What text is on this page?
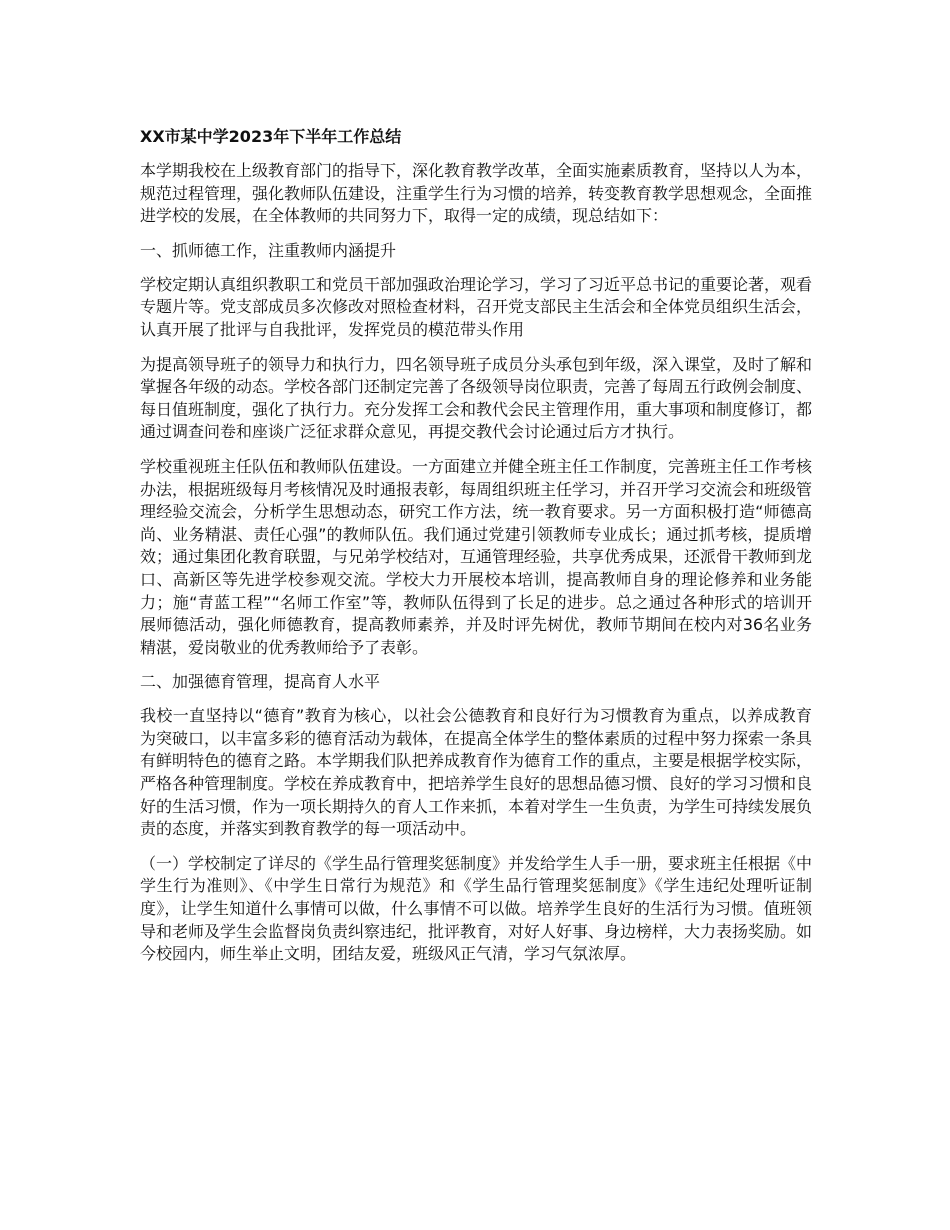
XX市某中学2023年下半年工作总结

本学期我校在上级教育部门的指导下，深化教育教学改革，全面实施素质教育，坚持以人为本，规范过程管理，强化教师队伍建设，注重学生行为习惯的培养，转变教育教学思想观念，全面推进学校的发展，在全体教师的共同努力下，取得一定的成绩，现总结如下：

一、抓师德工作，注重教师内涵提升

学校定期认真组织教职工和党员干部加强政治理论学习，学习了习近平总书记的重要论著，观看专题片等。党支部成员多次修改对照检查材料，召开党支部民主生活会和全体党员组织生活会，认真开展了批评与自我批评，发挥党员的模范带头作用

为提高领导班子的领导力和执行力，四名领导班子成员分头承包到年级，深入课堂，及时了解和掌握各年级的动态。学校各部门还制定完善了各级领导岗位职责，完善了每周五行政例会制度、每日值班制度，强化了执行力。充分发挥工会和教代会民主管理作用，重大事项和制度修订，都通过调查问卷和座谈广泛征求群众意见，再提交教代会讨论通过后方才执行。

学校重视班主任队伍和教师队伍建设。一方面建立并健全班主任工作制度，完善班主任工作考核办法，根据班级每月考核情况及时通报表彰，每周组织班主任学习，并召开学习交流会和班级管理经验交流会，分析学生思想动态，研究工作方法，统一教育要求。另一方面积极打造“师德高尚、业务精湛、责任心强”的教师队伍。我们通过党建引领教师专业成长；通过抓考核，提质增效；通过集团化教育联盟，与兄弟学校结对，互通管理经验，共享优秀成果，还派骨干教师到龙口、高新区等先进学校参观交流。学校大力开展校本培训，提高教师自身的理论修养和业务能力；施“青蓝工程”“名师工作室”等，教师队伍得到了长足的进步。总之通过各种形式的培训开展师德活动，强化师德教育，提高教师素养，并及时评先树优，教师节期间在校内对36名业务精湛，爱岗敬业的优秀教师给予了表彰。

二、加强德育管理，提高育人水平

我校一直坚持以“德育”教育为核心，以社会公德教育和良好行为习惯教育为重点，以养成教育为突破口，以丰富多彩的德育活动为载体，在提高全体学生的整体素质的过程中努力探索一条具有鲜明特色的德育之路。本学期我们队把养成教育作为德育工作的重点，主要是根据学校实际，严格各种管理制度。学校在养成教育中，把培养学生良好的思想品德习惯、良好的学习习惯和良好的生活习惯，作为一项长期持久的育人工作来抓，本着对学生一生负责，为学生可持续发展负责的态度，并落实到教育教学的每一项活动中。

（一）学校制定了详尽的《学生品行管理奖惩制度》并发给学生人手一册，要求班主任根据《中学生行为准则》、《中学生日常行为规范》和《学生品行管理奖惩制度》《学生违纪处理听证制度》，让学生知道什么事情可以做，什么事情不可以做。培养学生良好的生活行为习惯。值班领导和老师及学生会监督岗负责纠察违纪，批评教育，对好人好事、身边榜样，大力表扬奖励。如今校园内，师生举止文明，团结友爱，班级风正气清，学习气氛浓厚。
